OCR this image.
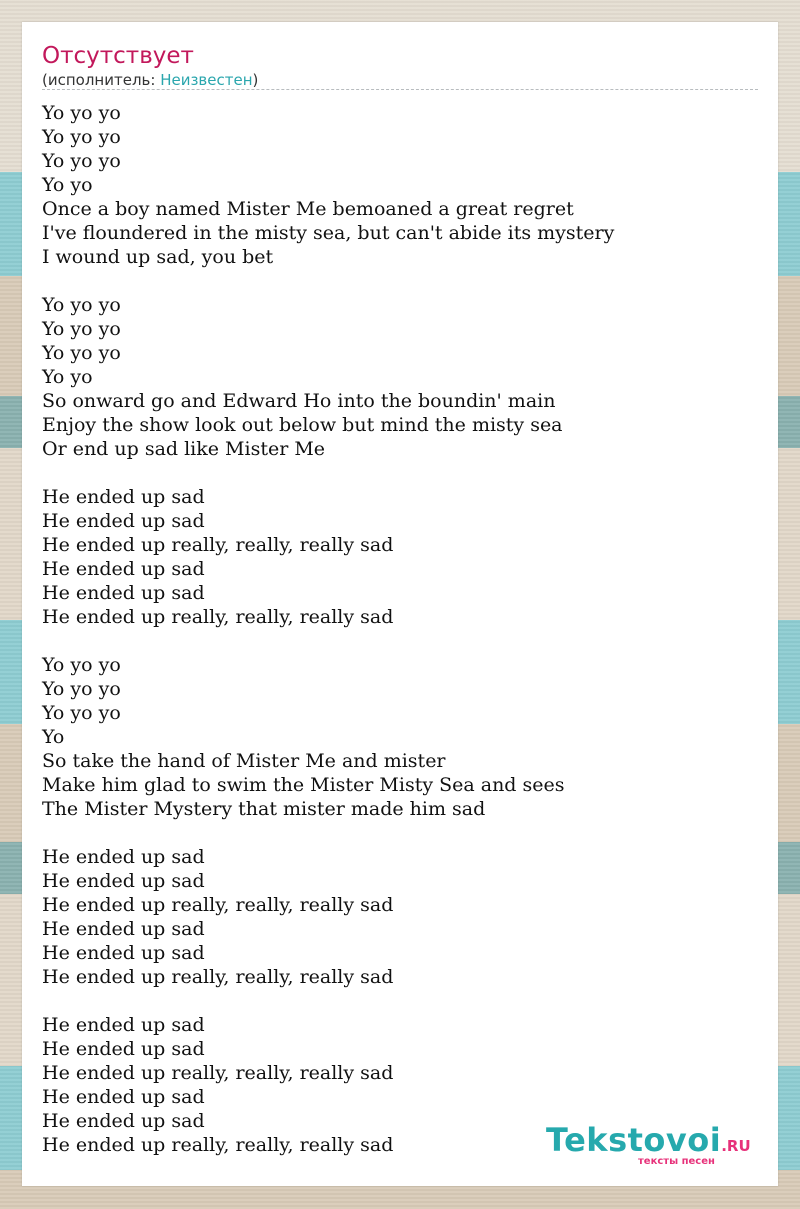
Отсутствует
(исполнитель: Неизвестен)
Yo yo yo
Yo yo yo
Yo yo yo
Yo yo
Once a boy named Mister Me bemoaned a great regret
I've floundered in the misty sea, but can't abide its mystery
I wound up sad, you bet

Yo yo yo
Yo yo yo
Yo yo yo
Yo yo
So onward go and Edward Ho into the boundin' main
Enjoy the show look out below but mind the misty sea
Or end up sad like Mister Me

He ended up sad
He ended up sad
He ended up really, really, really sad
He ended up sad
He ended up sad
He ended up really, really, really sad

Yo yo yo
Yo yo yo
Yo yo yo
Yo
So take the hand of Mister Me and mister
Make him glad to swim the Mister Misty Sea and sees
The Mister Mystery that mister made him sad

He ended up sad
He ended up sad
He ended up really, really, really sad
He ended up sad
He ended up sad
He ended up really, really, really sad

He ended up sad
He ended up sad
He ended up really, really, really sad
He ended up sad
He ended up sad
He ended up really, really, really sad	Tekstovoi.RU
тексты песен
